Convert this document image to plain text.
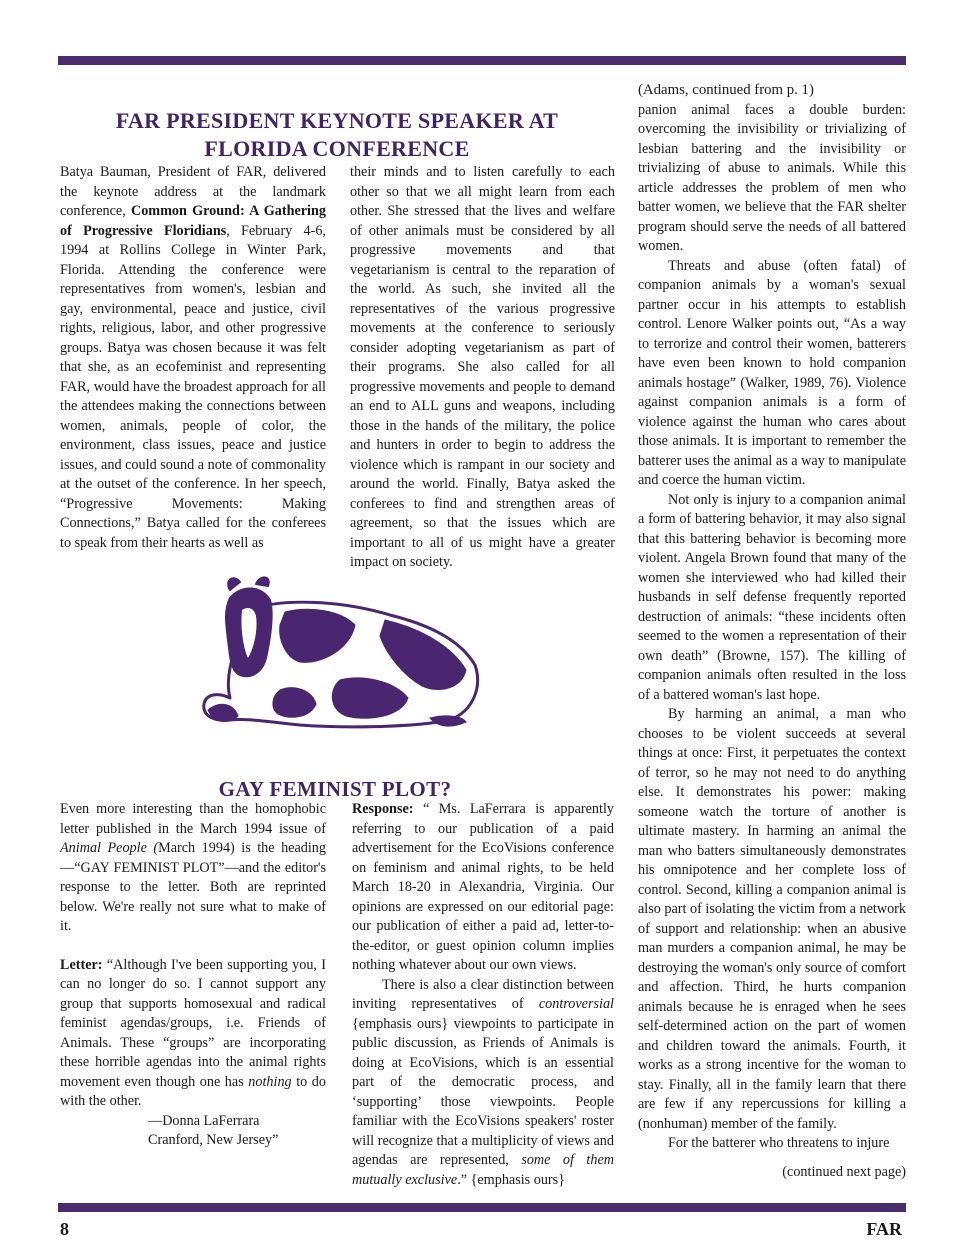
FAR PRESIDENT KEYNOTE SPEAKER AT FLORIDA CONFERENCE

Batya Bauman, President of FAR, delivered the keynote address at the landmark conference, Common Ground: A Gathering of Progressive Floridians, February 4-6, 1994 at Rollins College in Winter Park, Florida. Attending the conference were representatives from women's, lesbian and gay, environmental, peace and justice, civil rights, religious, labor, and other progressive groups. Batya was chosen because it was felt that she, as an ecofeminist and representing FAR, would have the broadest approach for all the attendees making the connections between women, animals, people of color, the environment, class issues, peace and justice issues, and could sound a note of commonality at the outset of the conference. In her speech, “Progressive Movements: Making Connections,” Batya called for the conferees to speak from their hearts as well as

their minds and to listen carefully to each other so that we all might learn from each other. She stressed that the lives and welfare of other animals must be considered by all progressive movements and that vegetarianism is central to the reparation of the world. As such, she invited all the representatives of the various progressive movements at the conference to seriously consider adopting vegetarianism as part of their programs. She also called for all progressive movements and people to demand an end to ALL guns and weapons, including those in the hands of the military, the police and hunters in order to begin to address the violence which is rampant in our society and around the world. Finally, Batya asked the conferees to find and strengthen areas of agreement, so that the issues which are important to all of us might have a greater impact on society.

GAY FEMINIST PLOT?

Even more interesting than the homophobic letter published in the March 1994 issue of Animal People (March 1994) is the heading—“GAY FEMINIST PLOT”—and the editor's response to the letter. Both are reprinted below. We're really not sure what to make of it.

Letter: “Although I've been supporting you, I can no longer do so. I cannot support any group that supports homosexual and radical feminist agendas/groups, i.e. Friends of Animals. These “groups” are incorporating these horrible agendas into the animal rights movement even though one has nothing to do with the other.

—Donna LaFerrara

Cranford, New Jersey”

Response: “ Ms. LaFerrara is apparently referring to our publication of a paid advertisement for the EcoVisions conference on feminism and animal rights, to be held March 18-20 in Alexandria, Virginia. Our opinions are expressed on our editorial page: our publication of either a paid ad, letter-to-the-editor, or guest opinion column implies nothing whatever about our own views.

There is also a clear distinction between inviting representatives of controversial {emphasis ours} viewpoints to participate in public discussion, as Friends of Animals is doing at EcoVisions, which is an essential part of the democratic process, and ‘supporting’ those viewpoints. People familiar with the EcoVisions speakers' roster will recognize that a multiplicity of views and agendas are represented, some of them mutually exclusive.” {emphasis ours}

(Adams, continued from p. 1)

panion animal faces a double burden: overcoming the invisibility or trivializing of lesbian battering and the invisibility or trivializing of abuse to animals. While this article addresses the problem of men who batter women, we believe that the FAR shelter program should serve the needs of all battered women.

Threats and abuse (often fatal) of companion animals by a woman's sexual partner occur in his attempts to establish control. Lenore Walker points out, “As a way to terrorize and control their women, batterers have even been known to hold companion animals hostage” (Walker, 1989, 76). Violence against companion animals is a form of violence against the human who cares about those animals. It is important to remember the batterer uses the animal as a way to manipulate and coerce the human victim.

Not only is injury to a companion animal a form of battering behavior, it may also signal that this battering behavior is becoming more violent. Angela Brown found that many of the women she interviewed who had killed their husbands in self defense frequently reported destruction of animals: “these incidents often seemed to the women a representation of their own death” (Browne, 157). The killing of companion animals often resulted in the loss of a battered woman's last hope.

By harming an animal, a man who chooses to be violent succeeds at several things at once: First, it perpetuates the context of terror, so he may not need to do anything else. It demonstrates his power: making someone watch the torture of another is ultimate mastery. In harming an animal the man who batters simultaneously demonstrates his omnipotence and her complete loss of control. Second, killing a companion animal is also part of isolating the victim from a network of support and relationship: when an abusive man murders a companion animal, he may be destroying the woman's only source of comfort and affection. Third, he hurts companion animals because he is enraged when he sees self-determined action on the part of women and children toward the animals. Fourth, it works as a strong incentive for the woman to stay. Finally, all in the family learn that there are few if any repercussions for killing a (nonhuman) member of the family.

For the batterer who threatens to injure

(continued next page)

8	FAR
